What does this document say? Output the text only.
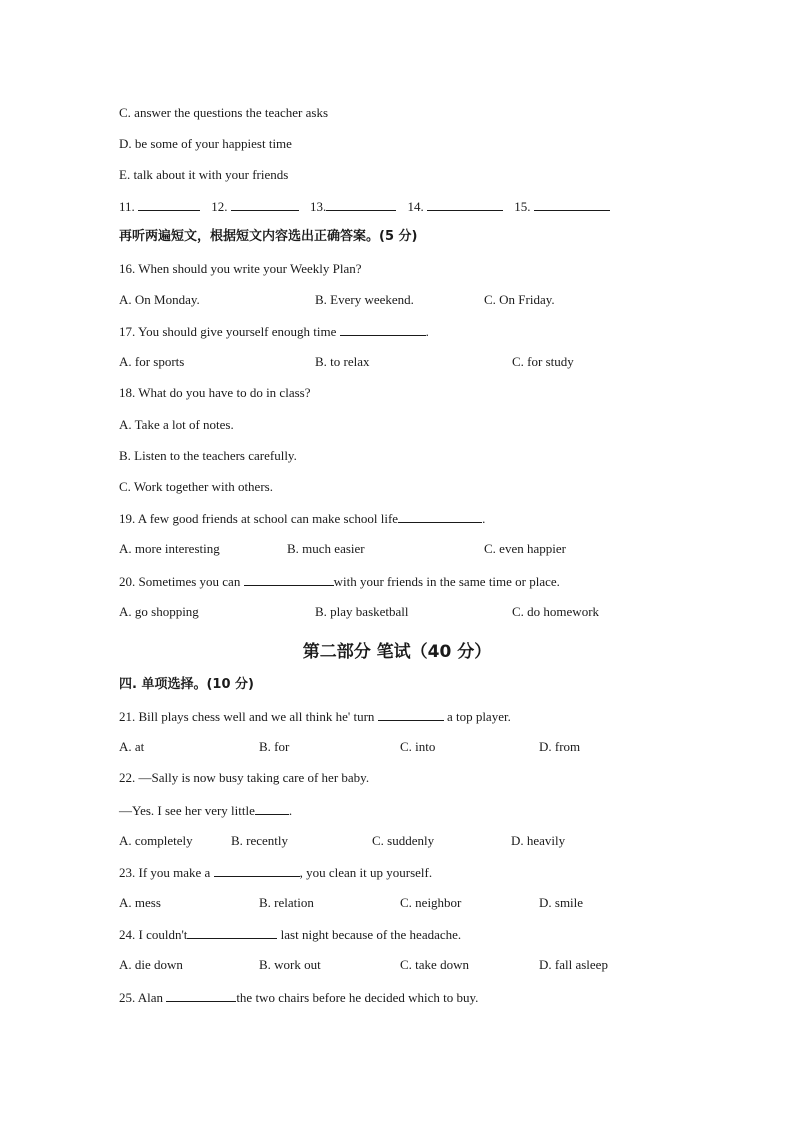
C. answer the questions the teacher asks
D. be some of your happiest time
E. talk about it with your friends
11.	12.	13.	14.	15.
再听两遍短文，根据短文内容选出正确答案。(5 分)
16. When should you write your Weekly Plan?
A. On Monday.	B. Every weekend.	C. On Friday.
17. You should give yourself enough time	.
A. for sports	B. to relax	C. for study
18. What do you have to do in class?
A. Take a lot of notes.
B. Listen to the teachers carefully.
C. Work together with others.
19. A few good friends at school can make school life	.
A. more interesting	B. much easier	C. even happier
20. Sometimes you can	with your friends in the same time or place.
A. go shopping	B. play basketball	C. do homework
第二部分 笔试（40 分）
四. 单项选择。(10 分)
21. Bill plays chess well and we all think he' turn	a top player.
A. at	B. for	C. into	D. from
22. —Sally is now busy taking care of her baby.
—Yes. I see her very little	.
A. completely	B. recently	C. suddenly	D. heavily
23. If you make a	, you clean it up yourself.
A. mess	B. relation	C. neighbor	D. smile
24. I couldn't	last night because of the headache.
A. die down	B. work out	C. take down	D. fall asleep
25. Alan	the two chairs before he decided which to buy.
